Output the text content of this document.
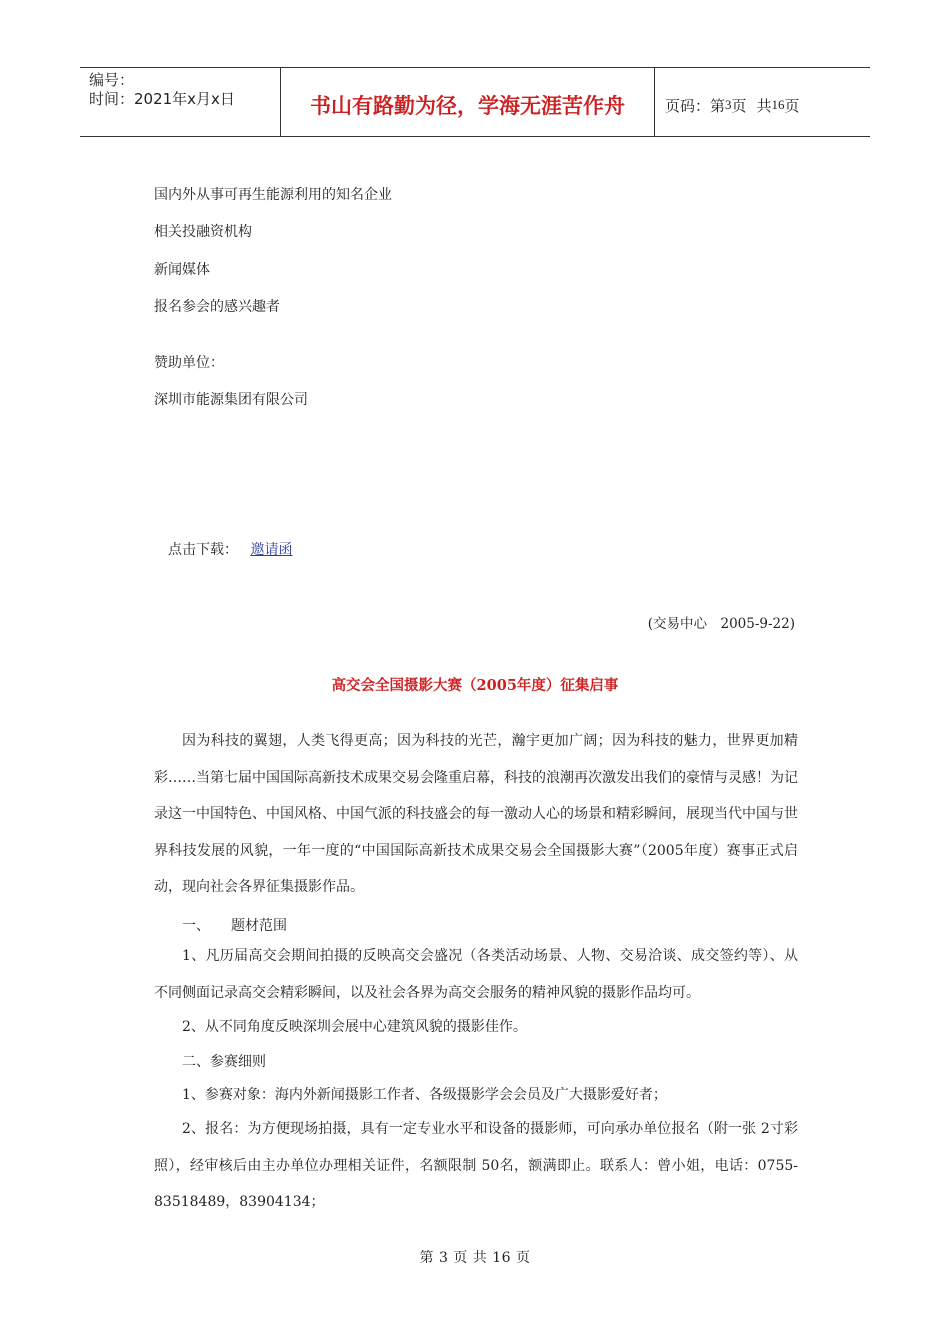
编号：
时间：2021年x月x日	书山有路勤为径，学海无涯苦作舟	页码：第 3 页 共 16 页
国内外从事可再生能源利用的知名企业
相关投融资机构
新闻媒体
报名参会的感兴趣者
赞助单位：
深圳市能源集团有限公司
点击下载： 邀请函
(交易中心　2005-9-22)
高交会全国摄影大赛（2005年度）征集启事
因为科技的翼翅，人类飞得更高；因为科技的光芒，瀚宇更加广阔；因为科技的魅力，世界更加精彩……当第七届中国国际高新技术成果交易会隆重启幕，科技的浪潮再次激发出我们的豪情与灵感！为记录这一中国特色、中国风格、中国气派的科技盛会的每一激动人心的场景和精彩瞬间，展现当代中国与世界科技发展的风貌，一年一度的“中国国际高新技术成果交易会全国摄影大赛”（2005年度）赛事正式启动，现向社会各界征集摄影作品。
一、　　题材范围
1、凡历届高交会期间拍摄的反映高交会盛况（各类活动场景、人物、交易洽谈、成交签约等）、从不同侧面记录高交会精彩瞬间，以及社会各界为高交会服务的精神风貌的摄影作品均可。
2、从不同角度反映深圳会展中心建筑风貌的摄影佳作。
二、参赛细则
1、参赛对象：海内外新闻摄影工作者、各级摄影学会会员及广大摄影爱好者；
2、报名：为方便现场拍摄，具有一定专业水平和设备的摄影师，可向承办单位报名（附一张 2寸彩照），经审核后由主办单位办理相关证件，名额限制 50名，额满即止。联系人：曾小姐，电话：0755-83518489，83904134；
第 3 页 共 16 页
